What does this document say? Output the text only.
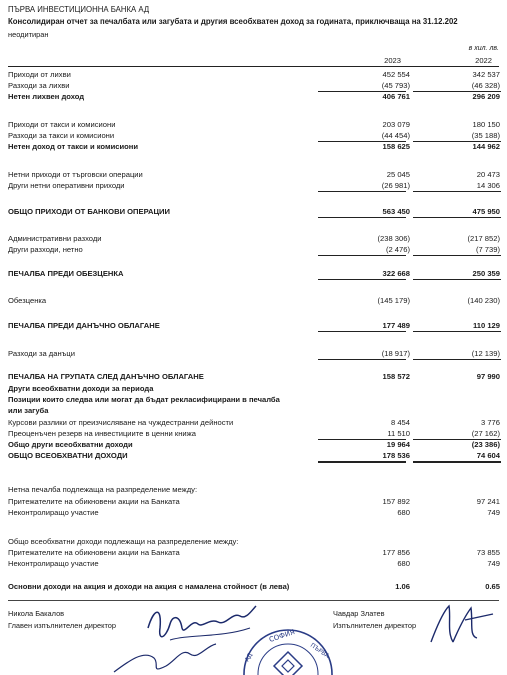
ПЪРВА ИНВЕСТИЦИОННА БАНКА АД
Консолидиран отчет за печалбата или загубата и другия всеобхватен доход за годината, приключваща на 31.12.202
неодитиран
в хил. лв.
2023	2022
Приходи от лихви	452 554	342 537
Разходи за лихви	(45 793)	(46 328)
Нетен лихвен доход	406 761	296 209
Приходи от такси и комисиони	203 079	180 150
Разходи за такси и комисиони	(44 454)	(35 188)
Нетен доход от такси и комисиони	158 625	144 962
Нетни приходи от търговски операции	25 045	20 473
Други нетни оперативни приходи	(26 981)	14 306
ОБЩО ПРИХОДИ ОТ БАНКОВИ ОПЕРАЦИИ	563 450	475 950
Административни разходи	(238 306)	(217 852)
Други разходи, нетно	(2 476)	(7 739)
ПЕЧАЛБА ПРЕДИ ОБЕЗЦЕНКА	322 668	250 359
Обезценка	(145 179)	(140 230)
ПЕЧАЛБА ПРЕДИ ДАНЪЧНО ОБЛАГАНЕ	177 489	110 129
Разходи за данъци	(18 917)	(12 139)
ПЕЧАЛБА НА ГРУПАТА СЛЕД ДАНЪЧНО ОБЛАГАНЕ	158 572	97 990
Други всеобхватни доходи за периода
Позиции които следва или могат да бъдат рекласифицирани в печалба
или загуба
Курсови разлики от преизчисляване на чуждестранни дейности	8 454	3 776
Преоценъчен резерв на инвестициите в ценни книжа	11 510	(27 162)
Общо други всеобхватни доходи	19 964	(23 386)
ОБЩО ВСЕОБХВАТНИ ДОХОДИ	178 536	74 604
Нетна печалба подлежаща на разпределение между:
Притежателите на обикновени акции на Банката	157 892	97 241
Неконтролиращо участие	680	749
Общо всеобхватни доходи подлежащи на разпределение между:
Притежателите на обикновени акции на Банката	177 856	73 855
Неконтролиращо участие	680	749
Основни доходи на акция и доходи на акция с намалена стойност (в лева)	1.06	0.65
Никола Бакалов
Главен изпълнителен директор
Чавдар Златев
Изпълнителен директор
СОФИЯ
ПЪРВА
АД
